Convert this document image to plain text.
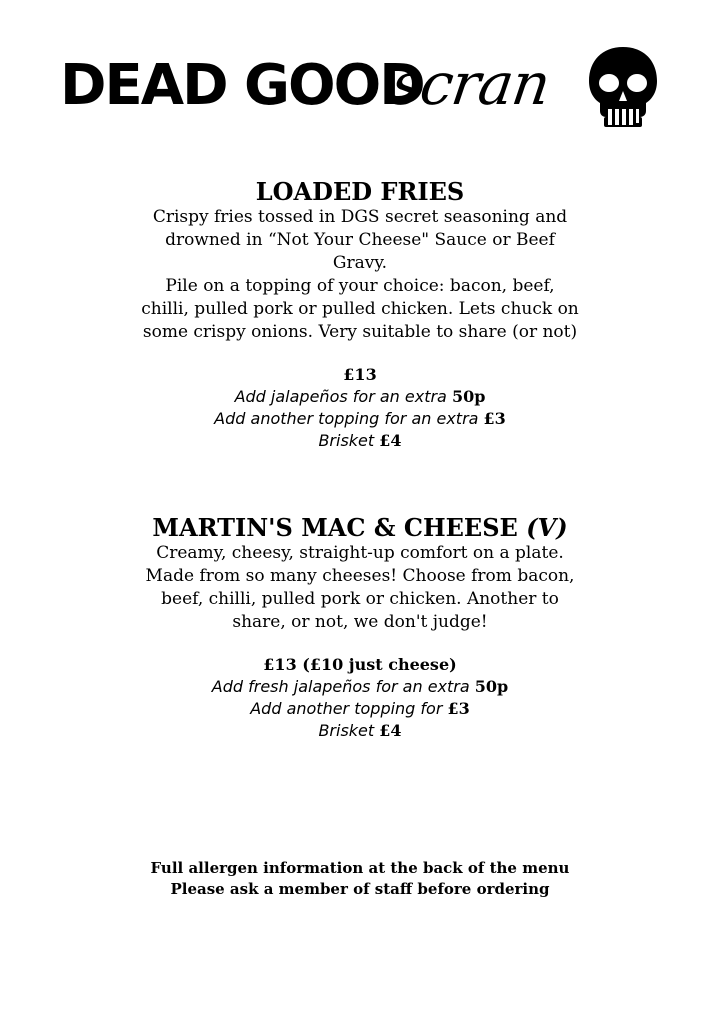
DEAD GOOD
scran

LOADED FRIES

Crispy fries tossed in DGS secret seasoning and
drowned in “Not Your Cheese" Sauce or Beef
Gravy.
Pile on a topping of your choice: bacon, beef,
chilli, pulled pork or pulled chicken. Lets chuck on
some crispy onions. Very suitable to share (or not)

£13

Add jalapeños for an extra 50p

Add another topping for an extra £3

Brisket £4

MARTIN'S MAC & CHEESE (V)

Creamy, cheesy, straight-up comfort on a plate.
Made from so many cheeses! Choose from bacon,
beef, chilli, pulled pork or chicken. Another to
share, or not, we don't judge!

£13 (£10 just cheese)

Add fresh jalapeños for an extra 50p

Add another topping for £3

Brisket £4

Full allergen information at the back of the menu

Please ask a member of staff before ordering
